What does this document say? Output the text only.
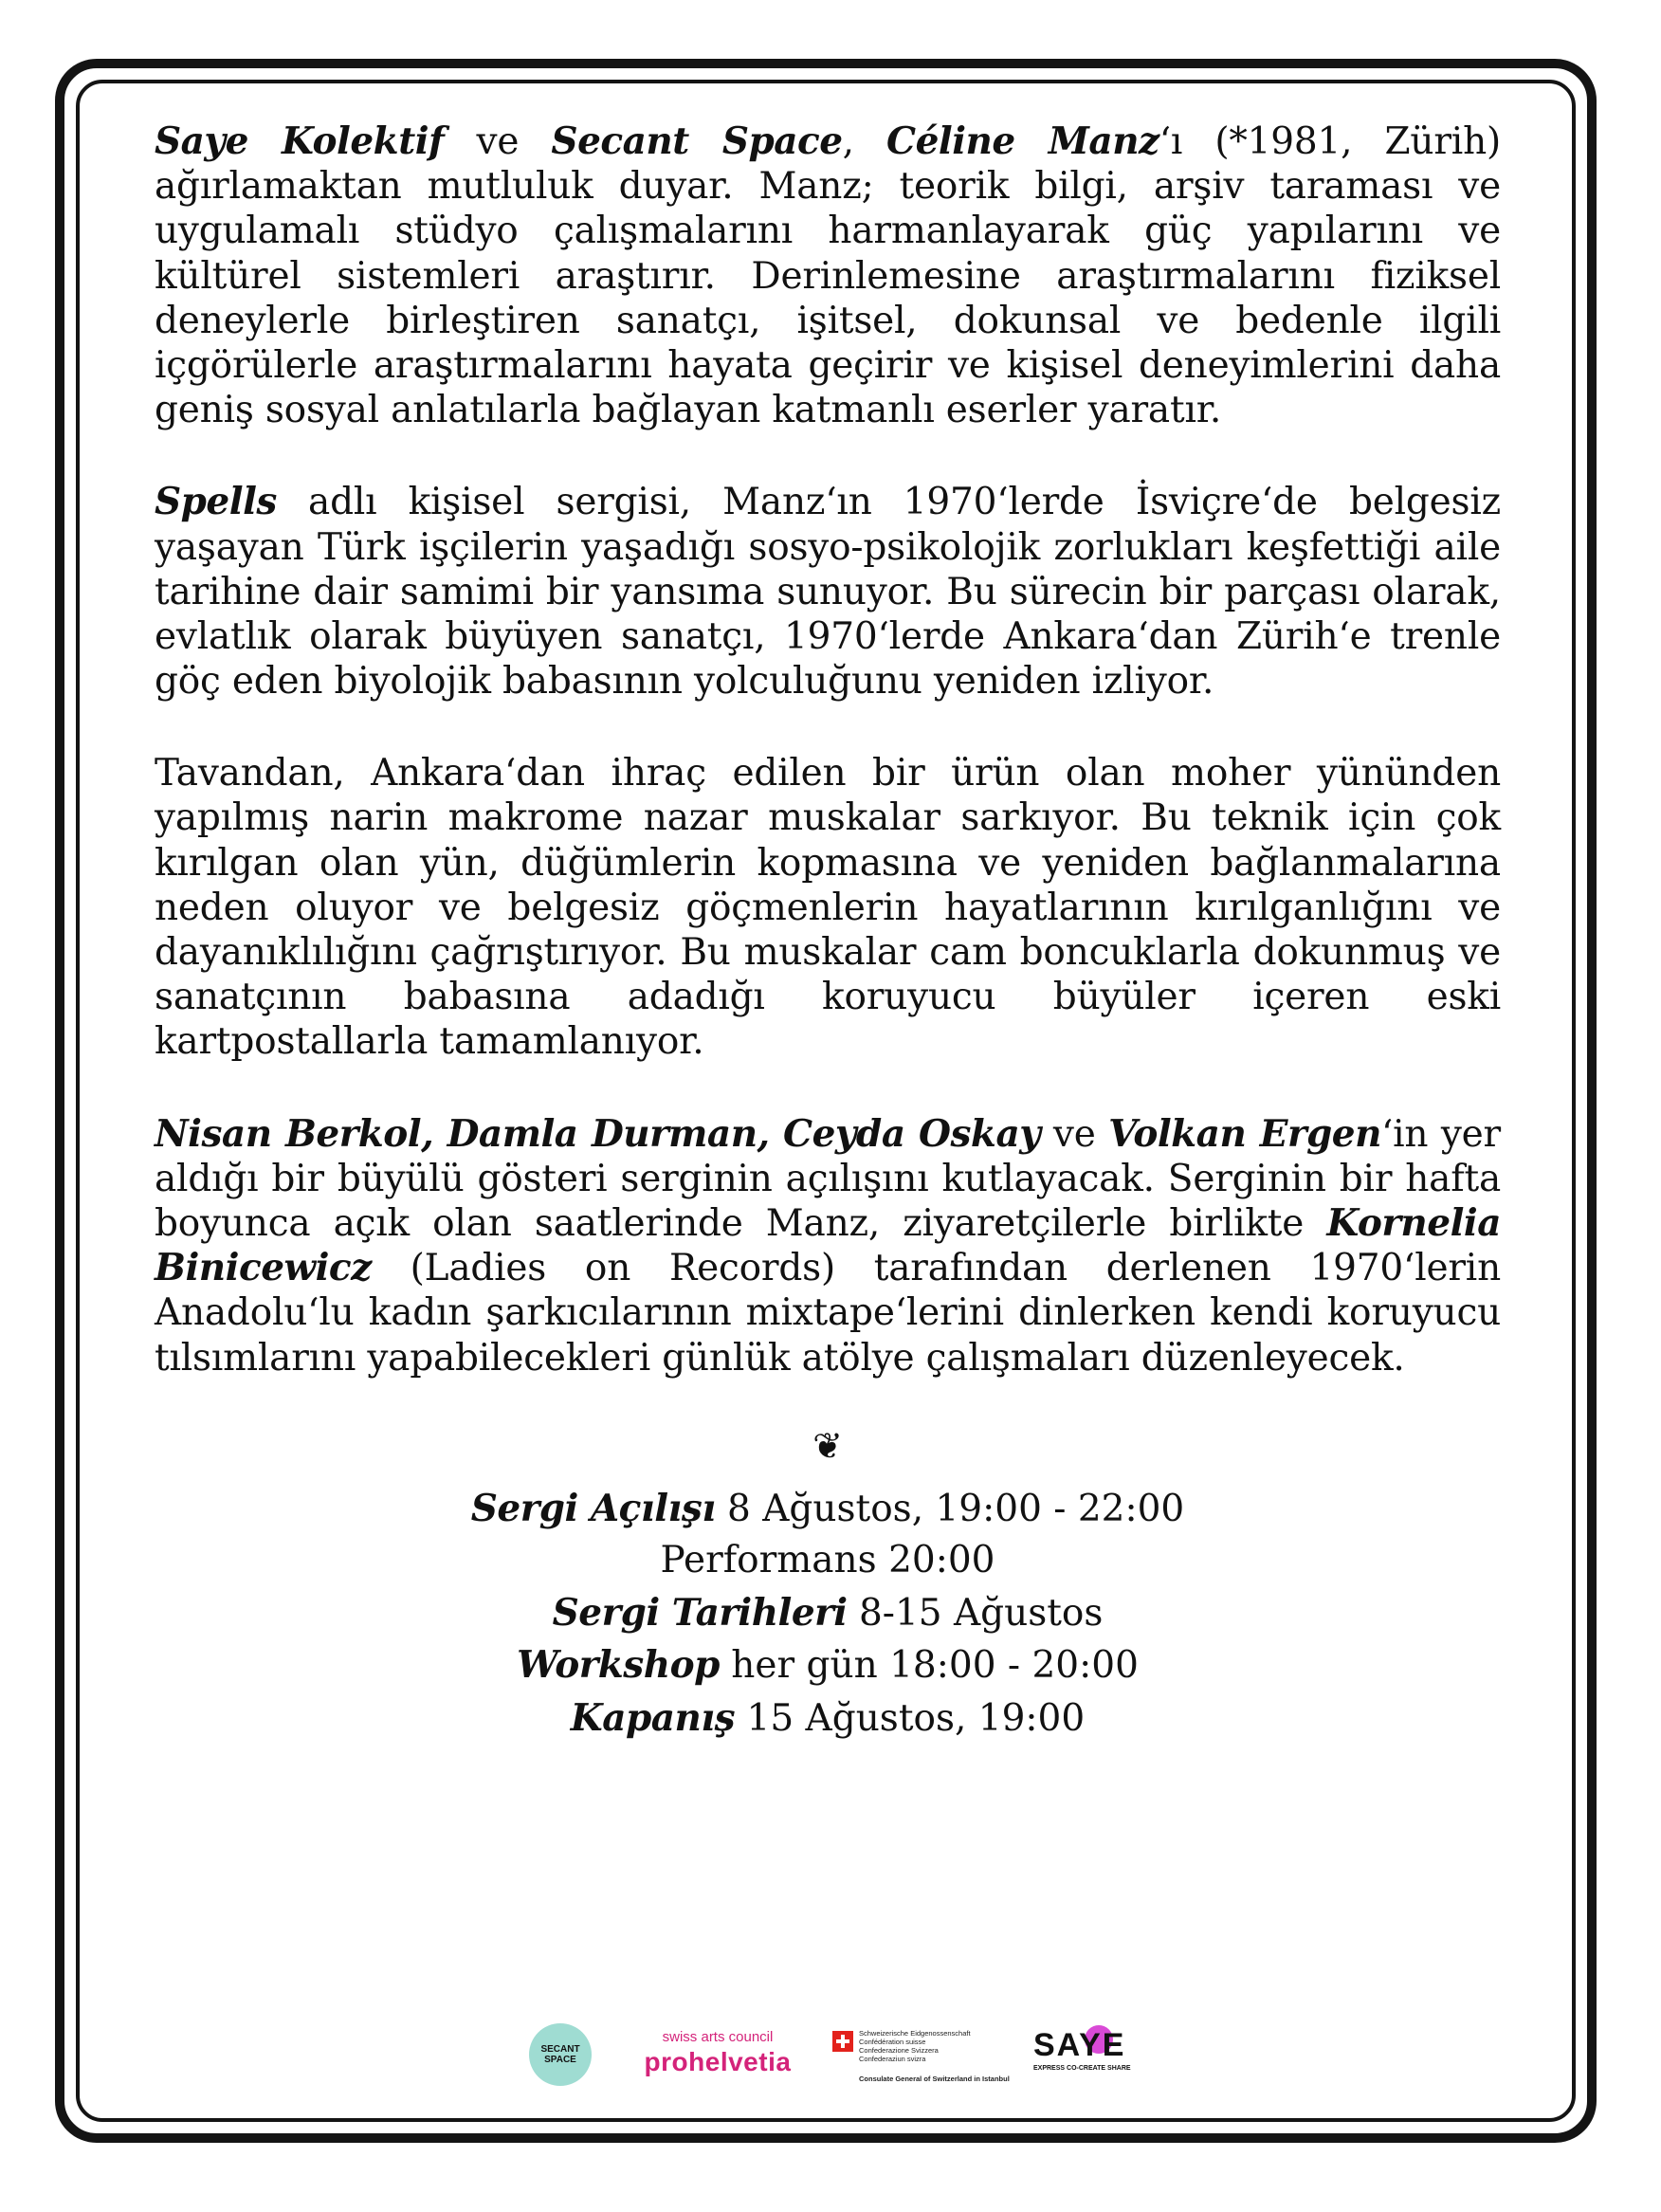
Saye Kolektif ve Secant Space, Céline Manz‘ı (*1981, Zürih) ağırlamaktan mutluluk duyar. Manz; teorik bilgi, arşiv taraması ve uygulamalı stüdyo çalışmalarını harmanlayarak güç yapılarını ve kültürel sistemleri araştırır. Derinlemesine araştırmalarını fiziksel deneylerle birleştiren sanatçı, işitsel, dokunsal ve bedenle ilgili içgörülerle araştırmalarını hayata geçirir ve kişisel deneyimlerini daha geniş sosyal anlatılarla bağlayan katmanlı eserler yaratır.

Spells adlı kişisel sergisi, Manz‘ın 1970‘lerde İsviçre‘de belgesiz yaşayan Türk işçilerin yaşadığı sosyo-psikolojik zorlukları keşfettiği aile tarihine dair samimi bir yansıma sunuyor. Bu sürecin bir parçası olarak, evlatlık olarak büyüyen sanatçı, 1970‘lerde Ankara‘dan Zürih‘e trenle göç eden biyolojik babasının yolculuğunu yeniden izliyor.

Tavandan, Ankara‘dan ihraç edilen bir ürün olan moher yününden yapılmış narin makrome nazar muskalar sarkıyor. Bu teknik için çok kırılgan olan yün, düğümlerin kopmasına ve yeniden bağlanmalarına neden oluyor ve belgesiz göçmenlerin hayatlarının kırılganlığını ve dayanıklılığını çağrıştırıyor. Bu muskalar cam boncuklarla dokunmuş ve sanatçının babasına adadığı koruyucu büyüler içeren eski kartpostallarla tamamlanıyor.

Nisan Berkol, Damla Durman, Ceyda Oskay ve Volkan Ergen‘in yer aldığı bir büyülü gösteri serginin açılışını kutlayacak. Serginin bir hafta boyunca açık olan saatlerinde Manz, ziyaretçilerle birlikte Kornelia Binicewicz (Ladies on Records) tarafından derlenen 1970‘lerin Anadolu‘lu kadın şarkıcılarının mixtape‘lerini dinlerken kendi koruyucu tılsımlarını yapabilecekleri günlük atölye çalışmaları düzenleyecek.

❦
Sergi Açılışı 8 Ağustos, 19:00 - 22:00
Performans 20:00
Sergi Tarihleri 8-15 Ağustos
Workshop her gün 18:00 - 20:00
Kapanış 15 Ağustos, 19:00
SECANT SPACE
swiss arts council
prohelvetia
Schweizerische Eidgenossenschaft
Confédération suisse
Confederazione Svizzera
Confederaziun svizra
Consulate General of Switzerland in Istanbul
SAYE
EXPRESS CO-CREATE SHARE
